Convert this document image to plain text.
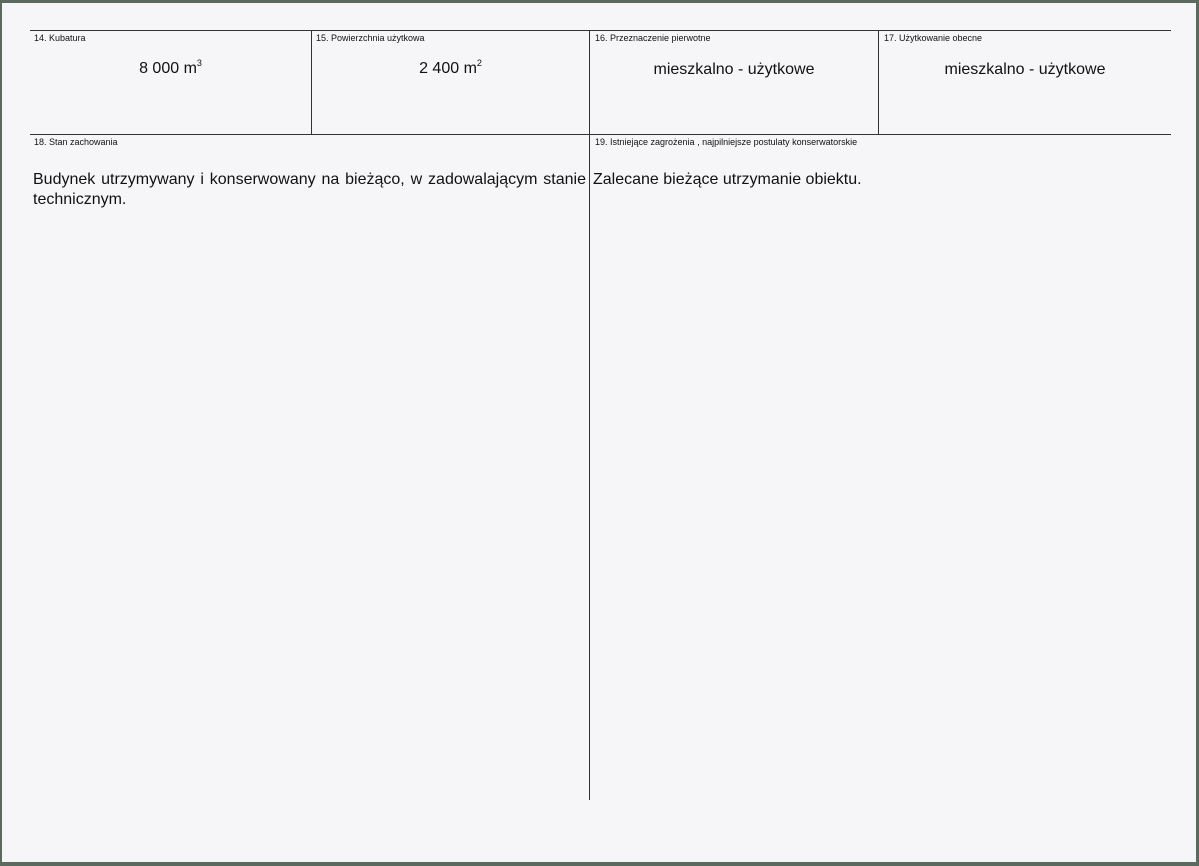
14. Kubatura
8 000 $m^3$
15. Powierzchnia użytkowa
2 400 $m^2$
16. Przeznaczenie pierwotne
mieszkalno - użytkowe
17. Użytkowanie obecne
mieszkalno - użytkowe
18. Stan zachowania
Budynek utrzymywany i konserwowany na bieżąco, w zadowalającym stanie technicznym.
19. Istniejące zagrożenia , najpilniejsze postulaty konserwatorskie
Zalecane bieżące utrzymanie obiektu.
